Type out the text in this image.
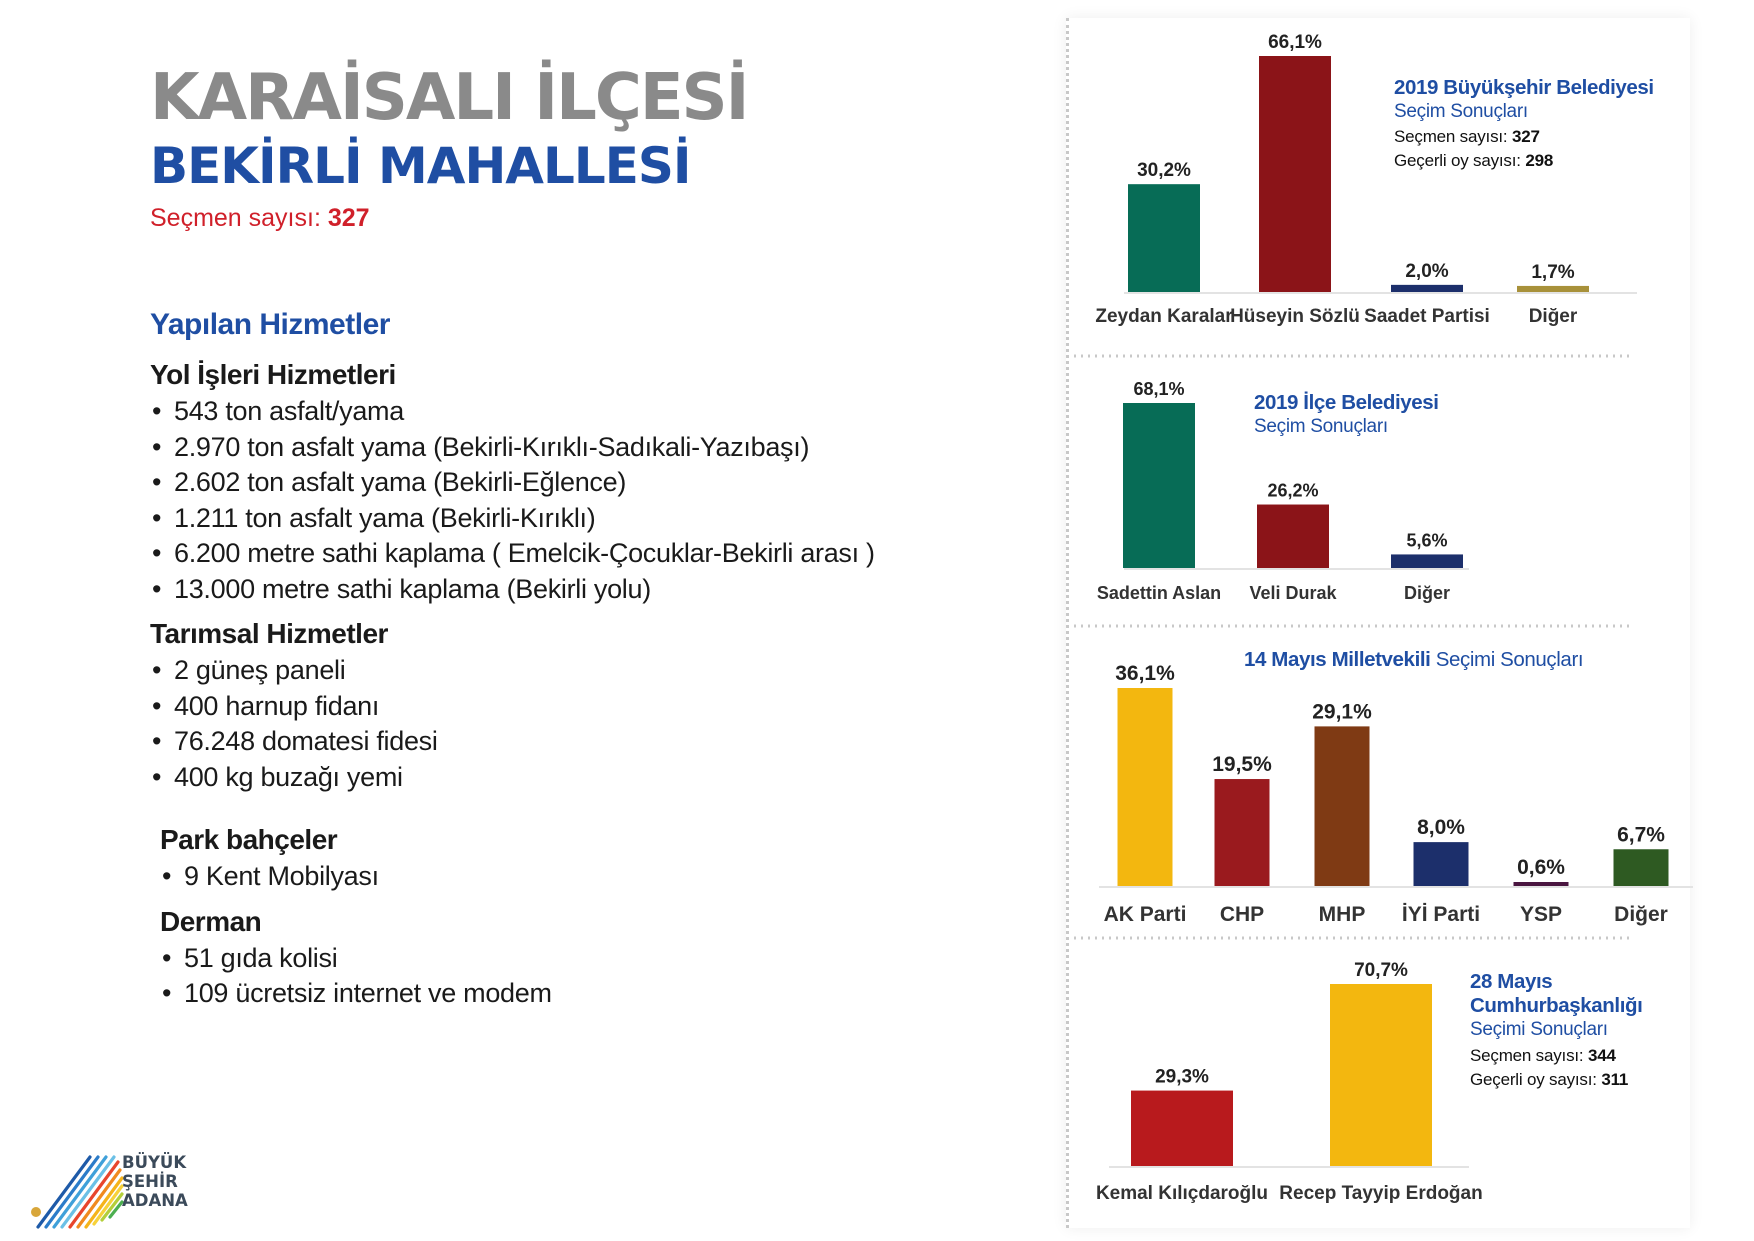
KARAİSALI İLÇESİ
BEKİRLİ MAHALLESİ
Seçmen sayısı: 327
Yapılan Hizmetler
Yol İşleri Hizmetleri
• 543 ton asfalt/yama
• 2.970 ton asfalt yama (Bekirli-Kırıklı-Sadıkali-Yazıbaşı)
• 2.602 ton asfalt yama (Bekirli-Eğlence)
• 1.211 ton asfalt yama (Bekirli-Kırıklı)
• 6.200 metre sathi kaplama ( Emelcik-Çocuklar-Bekirli arası )
• 13.000 metre sathi kaplama (Bekirli yolu)
Tarımsal Hizmetler
• 2 güneş paneli
• 400 harnup fidanı
• 76.248 domatesi fidesi
• 400 kg buzağı yemi
Park bahçeler
• 9 Kent Mobilyası
Derman
• 51 gıda kolisi
• 109 ücretsiz internet ve modem
BÜYÜK
ŞEHİR
ADANA
30,2%
Zeydan Karalar
66,1%
Hüseyin Sözlü
2,0%
Saadet Partisi
1,7%
Diğer
68,1%
Sadettin Aslan
26,2%
Veli Durak
5,6%
Diğer
36,1%
AK Parti
19,5%
CHP
29,1%
MHP
8,0%
İYİ Parti
0,6%
YSP
6,7%
Diğer
29,3%
Kemal Kılıçdaroğlu
70,7%
Recep Tayyip Erdoğan
2019 Büyükşehir Belediyesi
Seçim Sonuçları
Seçmen sayısı: 327
Geçerli oy sayısı: 298
2019 İlçe Belediyesi
Seçim Sonuçları
14 Mayıs Milletvekili Seçimi Sonuçları
28 Mayıs Cumhurbaşkanlığı
Seçimi Sonuçları
Seçmen sayısı: 344
Geçerli oy sayısı: 311
